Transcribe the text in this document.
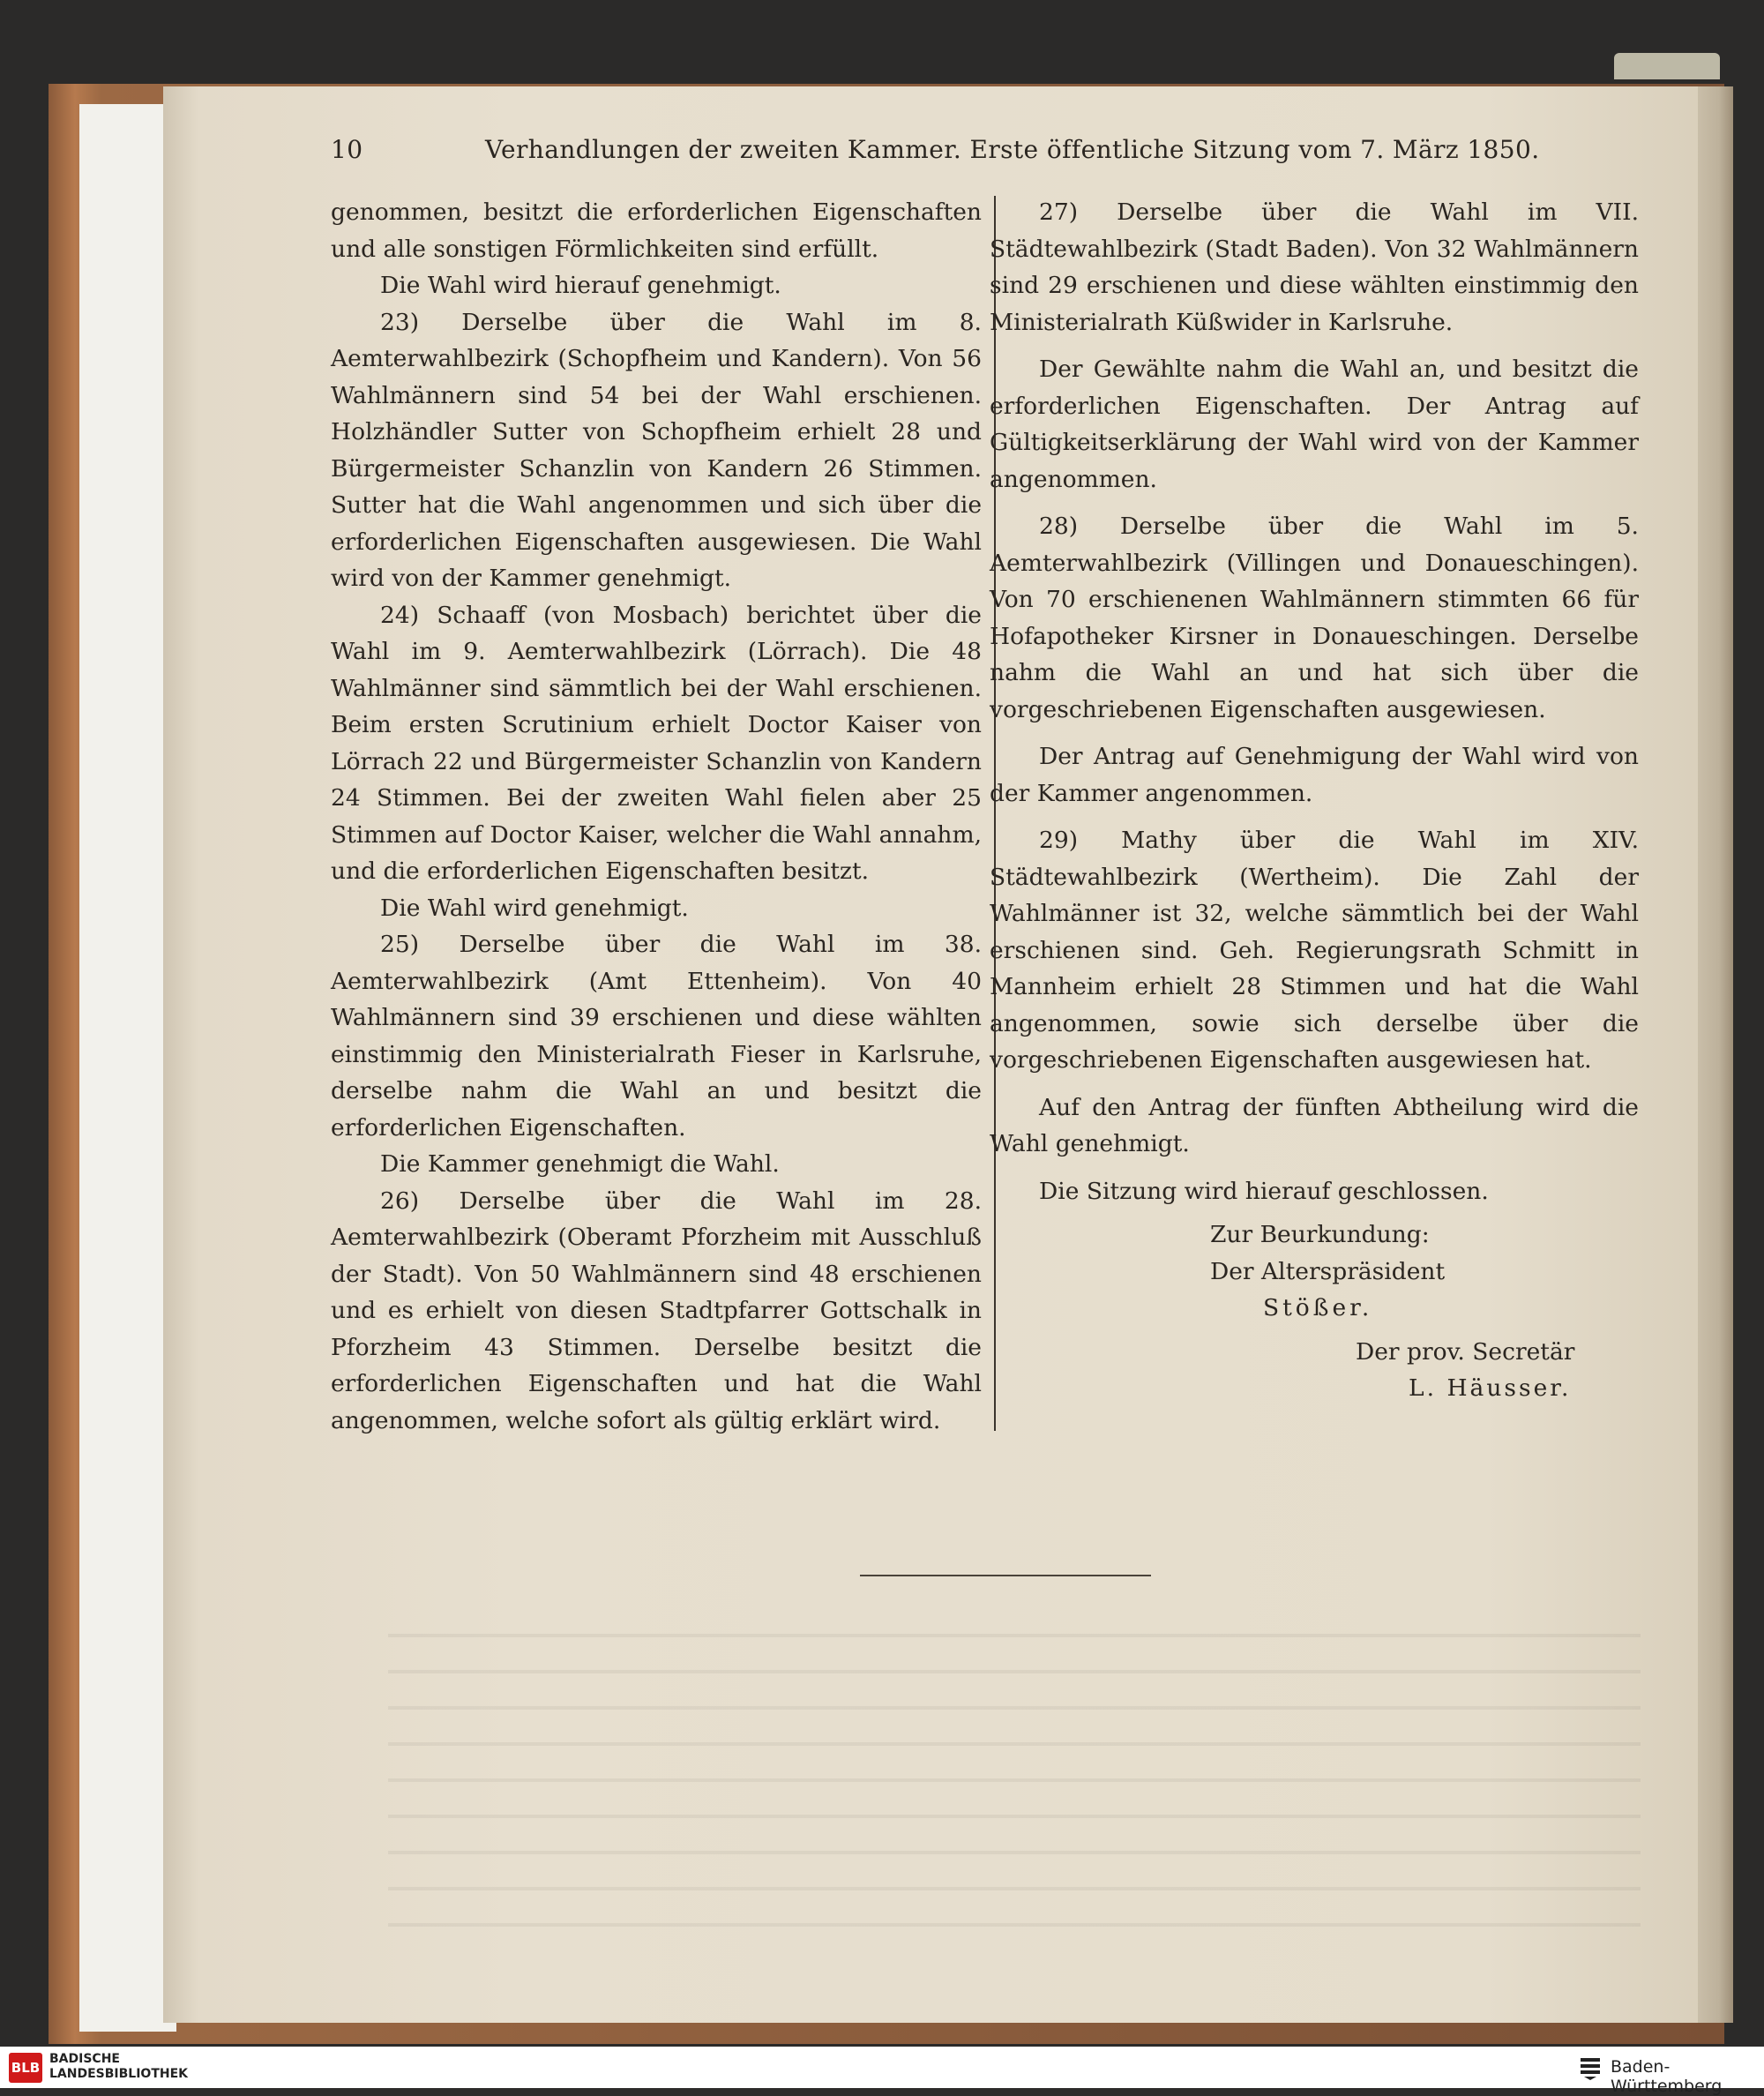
10	Verhandlungen der zweiten Kammer. Erste öffentliche Sitzung vom 7. März 1850.

genommen, besitzt die erforderlichen Eigenschaften und alle sonstigen Förmlichkeiten sind erfüllt.

Die Wahl wird hierauf genehmigt.

23) Derselbe über die Wahl im 8. Aemterwahlbezirk (Schopfheim und Kandern). Von 56 Wahlmännern sind 54 bei der Wahl erschienen. Holzhändler Sutter von Schopfheim erhielt 28 und Bürgermeister Schanzlin von Kandern 26 Stimmen. Sutter hat die Wahl angenommen und sich über die erforderlichen Eigenschaften ausgewiesen. Die Wahl wird von der Kammer genehmigt.

24) Schaaff (von Mosbach) berichtet über die Wahl im 9. Aemterwahlbezirk (Lörrach). Die 48 Wahlmänner sind sämmtlich bei der Wahl erschienen. Beim ersten Scrutinium erhielt Doctor Kaiser von Lörrach 22 und Bürgermeister Schanzlin von Kandern 24 Stimmen. Bei der zweiten Wahl fielen aber 25 Stimmen auf Doctor Kaiser, welcher die Wahl annahm, und die erforderlichen Eigenschaften besitzt.

Die Wahl wird genehmigt.

25) Derselbe über die Wahl im 38. Aemterwahlbezirk (Amt Ettenheim). Von 40 Wahlmännern sind 39 erschienen und diese wählten einstimmig den Ministerialrath Fieser in Karlsruhe, derselbe nahm die Wahl an und besitzt die erforderlichen Eigenschaften.

Die Kammer genehmigt die Wahl.

26) Derselbe über die Wahl im 28. Aemterwahlbezirk (Oberamt Pforzheim mit Ausschluß der Stadt). Von 50 Wahlmännern sind 48 erschienen und es erhielt von diesen Stadtpfarrer Gottschalk in Pforzheim 43 Stimmen. Derselbe besitzt die erforderlichen Eigenschaften und hat die Wahl angenommen, welche sofort als gültig erklärt wird.

27) Derselbe über die Wahl im VII. Städtewahlbezirk (Stadt Baden). Von 32 Wahlmännern sind 29 erschienen und diese wählten einstimmig den Ministerialrath Küßwider in Karlsruhe.

Der Gewählte nahm die Wahl an, und besitzt die erforderlichen Eigenschaften. Der Antrag auf Gültigkeitserklärung der Wahl wird von der Kammer angenommen.

28) Derselbe über die Wahl im 5. Aemterwahlbezirk (Villingen und Donaueschingen). Von 70 erschienenen Wahlmännern stimmten 66 für Hofapotheker Kirsner in Donaueschingen. Derselbe nahm die Wahl an und hat sich über die vorgeschriebenen Eigenschaften ausgewiesen.

Der Antrag auf Genehmigung der Wahl wird von der Kammer angenommen.

29) Mathy über die Wahl im XIV. Städtewahlbezirk (Wertheim). Die Zahl der Wahlmänner ist 32, welche sämmtlich bei der Wahl erschienen sind. Geh. Regierungsrath Schmitt in Mannheim erhielt 28 Stimmen und hat die Wahl angenommen, sowie sich derselbe über die vorgeschriebenen Eigenschaften ausgewiesen hat.

Auf den Antrag der fünften Abtheilung wird die Wahl genehmigt.

Die Sitzung wird hierauf geschlossen.

Zur Beurkundung:

Der Alterspräsident

Stößer.

Der prov. Secretär

L. Häusser.

BLB
BADISCHE
LANDESBIBLIOTHEK	Baden-Württemberg
